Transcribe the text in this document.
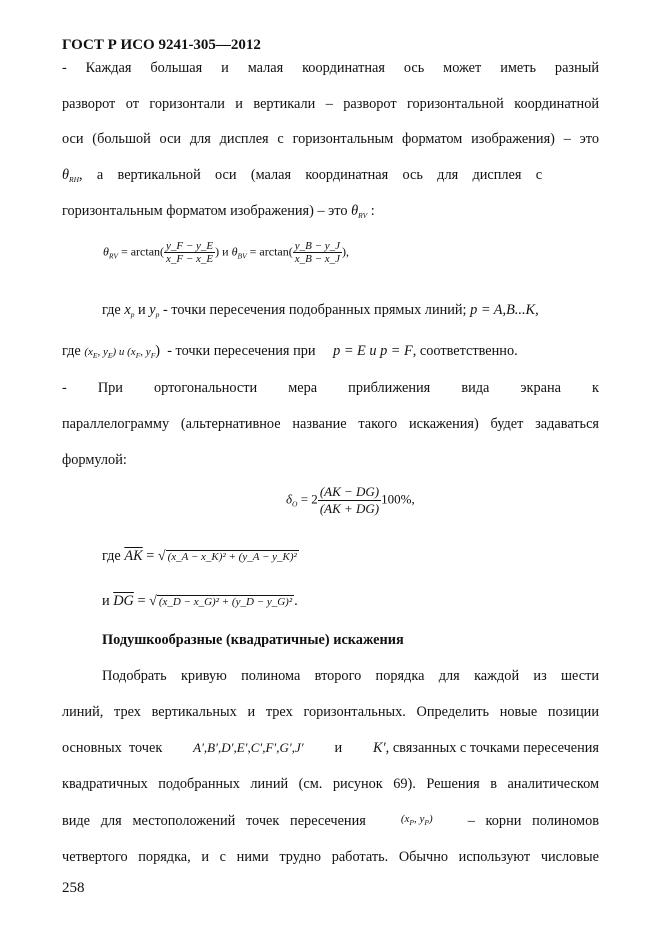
ГОСТ Р ИСО 9241-305—2012
- Каждая большая и малая координатная ось может иметь разный
разворот от горизонтали и вертикали – разворот горизонтальной координатной
оси (большой оси для дисплея с горизонтальным форматом изображения) – это
$\theta_{RH}$,    а    вертикальной    оси    (малая    координатная    ось    для    дисплея    с
горизонтальным форматом изображения) – это $\theta_{RV}$ :
$\theta_{RV} = \arctan( \frac{y\_F - y\_E}{x\_F - x\_E}$ ) и $\theta_{BV} = \arctan( \frac{y\_B - y\_J}{x\_B - x\_J}$ ),
где $x_p$ и $y_p$ - точки пересечения подобранных прямых линий; p = A,B...K,
где ($x_E$, $y_E$) и ($x_F$, $y_F$)  - точки пересечения при p = E и p = F, соответственно.
- При ортогональности мера приближения вида экрана к
параллелограмму (альтернативное название такого искажения) будет задаваться
формулой:
$\delta_O = 2 \frac{(AK - DG)}{(AK + DG)} 100\%$,
где $\overline{AK}$ = √ (x_A − x_K)² + (y_A − y_K)²
и $\overline{DG}$ = √ (x_D − x_G)² + (y_D − y_G)² .
Подушкообразные (квадратичные) искажения
Подобрать кривую полинома второго порядка для каждой из шести
линий, трех вертикальных и трех горизонтальных. Определить новые позиции
основных  точек A′,B′,D′,E′,C′,F′,G′,J′ и K′, связанных с точками пересечения
квадратичных подобранных линий (см. рисунок 69). Решения в аналитическом
виде   для   местоположений   точек   пересечения	($x_P$, $y_P$) –   корни   полиномов
четвертого порядка, и с ними трудно работать. Обычно используют числовые
258
